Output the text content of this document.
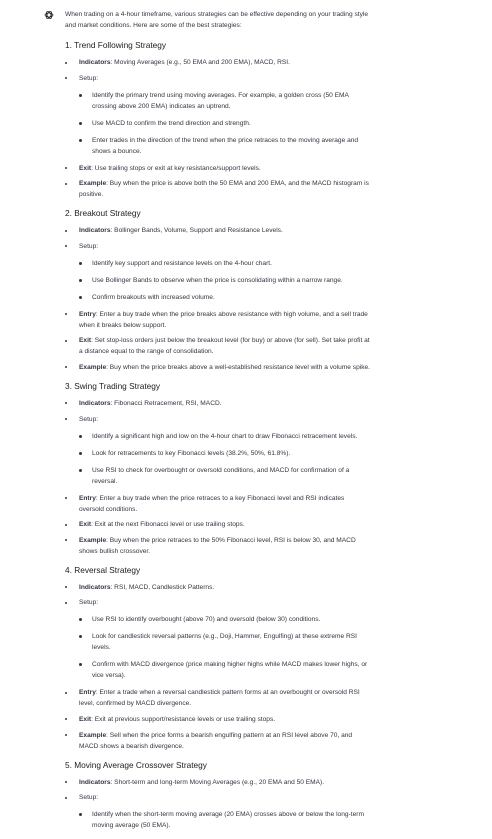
When trading on a 4-hour timeframe, various strategies can be effective depending on your trading style and market conditions. Here are some of the best strategies:

1. Trend Following Strategy
Indicators: Moving Averages (e.g., 50 EMA and 200 EMA), MACD, RSI.
Setup:
Identify the primary trend using moving averages. For example, a golden cross (50 EMA crossing above 200 EMA) indicates an uptrend.
Use MACD to confirm the trend direction and strength.
Enter trades in the direction of the trend when the price retraces to the moving average and shows a bounce.
Exit: Use trailing stops or exit at key resistance/support levels.
Example: Buy when the price is above both the 50 EMA and 200 EMA, and the MACD histogram is positive.
2. Breakout Strategy
Indicators: Bollinger Bands, Volume, Support and Resistance Levels.
Setup:
Identify key support and resistance levels on the 4-hour chart.
Use Bollinger Bands to observe when the price is consolidating within a narrow range.
Confirm breakouts with increased volume.
Entry: Enter a buy trade when the price breaks above resistance with high volume, and a sell trade when it breaks below support.
Exit: Set stop-loss orders just below the breakout level (for buy) or above (for sell). Set take profit at a distance equal to the range of consolidation.
Example: Buy when the price breaks above a well-established resistance level with a volume spike.
3. Swing Trading Strategy
Indicators: Fibonacci Retracement, RSI, MACD.
Setup:
Identify a significant high and low on the 4-hour chart to draw Fibonacci retracement levels.
Look for retracements to key Fibonacci levels (38.2%, 50%, 61.8%).
Use RSI to check for overbought or oversold conditions, and MACD for confirmation of a reversal.
Entry: Enter a buy trade when the price retraces to a key Fibonacci level and RSI indicates oversold conditions.
Exit: Exit at the next Fibonacci level or use trailing stops.
Example: Buy when the price retraces to the 50% Fibonacci level, RSI is below 30, and MACD shows bullish crossover.
4. Reversal Strategy
Indicators: RSI, MACD, Candlestick Patterns.
Setup:
Use RSI to identify overbought (above 70) and oversold (below 30) conditions.
Look for candlestick reversal patterns (e.g., Doji, Hammer, Engulfing) at these extreme RSI levels.
Confirm with MACD divergence (price making higher highs while MACD makes lower highs, or vice versa).
Entry: Enter a trade when a reversal candlestick pattern forms at an overbought or oversold RSI level, confirmed by MACD divergence.
Exit: Exit at previous support/resistance levels or use trailing stops.
Example: Sell when the price forms a bearish engulfing pattern at an RSI level above 70, and MACD shows a bearish divergence.
5. Moving Average Crossover Strategy
Indicators: Short-term and long-term Moving Averages (e.g., 20 EMA and 50 EMA).
Setup:
Identify when the short-term moving average (20 EMA) crosses above or below the long-term moving average (50 EMA).
